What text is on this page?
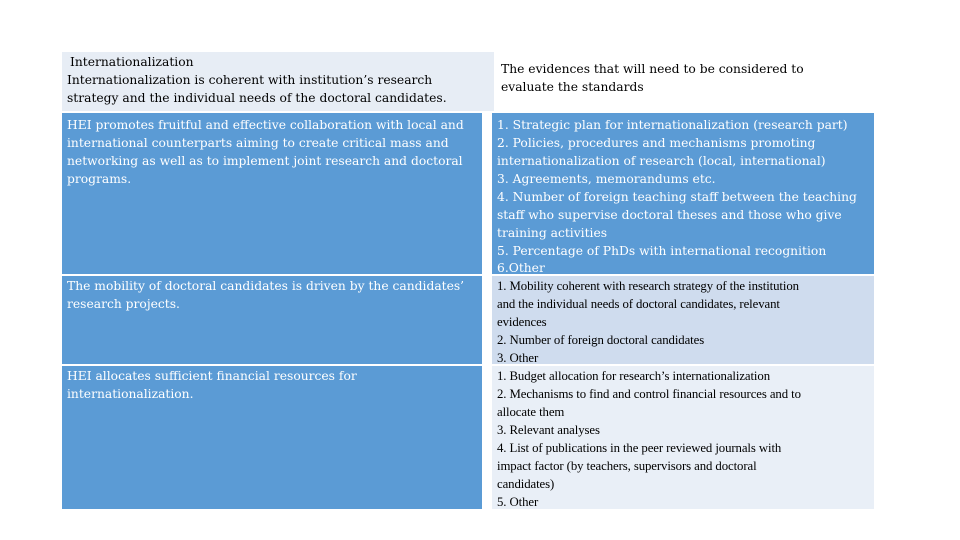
Internationalization
Internationalization is coherent with institution’s research
strategy and the individual needs of the doctoral candidates.
The evidences that will need to be considered to
evaluate the standards
HEI promotes fruitful and effective collaboration with local and
international counterparts aiming to create critical mass and
networking as well as to implement joint research and doctoral
programs.
1. Strategic plan for internationalization (research part)
2. Policies, procedures and mechanisms promoting
internationalization of research (local, international)
3. Agreements, memorandums etc.
4. Number of foreign teaching staff between the teaching
staff who supervise doctoral theses and those who give
training activities
5. Percentage of PhDs with international recognition
6.Other
The mobility of doctoral candidates is driven by the candidates’
research projects.
1. Mobility coherent with research strategy of the institution
and the individual needs of doctoral candidates, relevant
evidences
2. Number of foreign doctoral candidates
3. Other
HEI allocates sufficient financial resources for
internationalization.
1. Budget allocation for research’s internationalization
2. Mechanisms to find and control financial resources and to
allocate them
3. Relevant analyses
4. List of publications in the peer reviewed journals with
impact factor (by teachers, supervisors and doctoral
candidates)
5. Other
